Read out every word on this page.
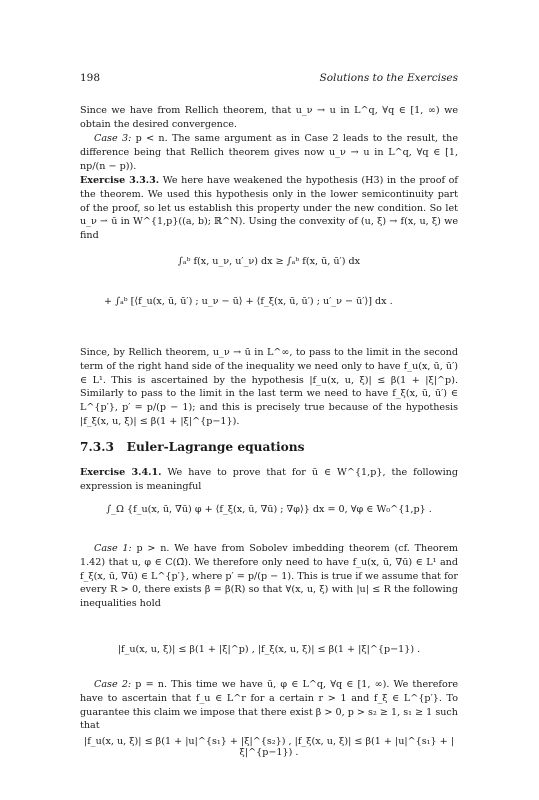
198	Solutions to the Exercises
Since we have from Rellich theorem, that u_ν → u in L^q, ∀q ∈ [1, ∞) we obtain the desired convergence.
Case 3: p < n. The same argument as in Case 2 leads to the result, the difference being that Rellich theorem gives now u_ν → u in L^q, ∀q ∈ [1, np/(n − p)).
Exercise 3.3.3. We here have weakened the hypothesis (H3) in the proof of the theorem. We used this hypothesis only in the lower semicontinuity part of the proof, so let us establish this property under the new condition. So let u_ν ⇀ ū in W^{1,p}((a, b); ℝ^N). Using the convexity of (u, ξ) → f(x, u, ξ) we find
∫ₐᵇ f(x, u_ν, u′_ν) dx ≥ ∫ₐᵇ f(x, ū, ū′) dx
+ ∫ₐᵇ [⟨f_u(x, ū, ū′) ; u_ν − ū⟩ + ⟨f_ξ(x, ū, ū′) ; u′_ν − ū′⟩] dx .
Since, by Rellich theorem, u_ν → ū in L^∞, to pass to the limit in the second term of the right hand side of the inequality we need only to have f_u(x, ū, ū′) ∈ L¹. This is ascertained by the hypothesis |f_u(x, u, ξ)| ≤ β(1 + |ξ|^p). Similarly to pass to the limit in the last term we need to have f_ξ(x, ū, ū′) ∈ L^{p′}, p′ = p/(p − 1); and this is precisely true because of the hypothesis |f_ξ(x, u, ξ)| ≤ β(1 + |ξ|^{p−1}).
7.3.3 Euler-Lagrange equations
Exercise 3.4.1. We have to prove that for ū ∈ W^{1,p}, the following expression is meaningful
∫_Ω {f_u(x, ū, ∇ū) φ + ⟨f_ξ(x, ū, ∇ū) ; ∇φ⟩} dx = 0, ∀φ ∈ W₀^{1,p} .
Case 1: p > n. We have from Sobolev imbedding theorem (cf. Theorem 1.42) that u, φ ∈ C(Ω̄). We therefore only need to have f_u(x, ū, ∇ū) ∈ L¹ and f_ξ(x, ū, ∇ū) ∈ L^{p′}, where p′ = p/(p − 1). This is true if we assume that for every R > 0, there exists β = β(R) so that ∀(x, u, ξ) with |u| ≤ R the following inequalities hold
|f_u(x, u, ξ)| ≤ β(1 + |ξ|^p) , |f_ξ(x, u, ξ)| ≤ β(1 + |ξ|^{p−1}) .
Case 2: p = n. This time we have ū, φ ∈ L^q, ∀q ∈ [1, ∞). We therefore have to ascertain that f_u ∈ L^r for a certain r > 1 and f_ξ ∈ L^{p′}. To guarantee this claim we impose that there exist β > 0, p > s₂ ≥ 1, s₁ ≥ 1 such that
|f_u(x, u, ξ)| ≤ β(1 + |u|^{s₁} + |ξ|^{s₂}) , |f_ξ(x, u, ξ)| ≤ β(1 + |u|^{s₁} + |ξ|^{p−1}) .
